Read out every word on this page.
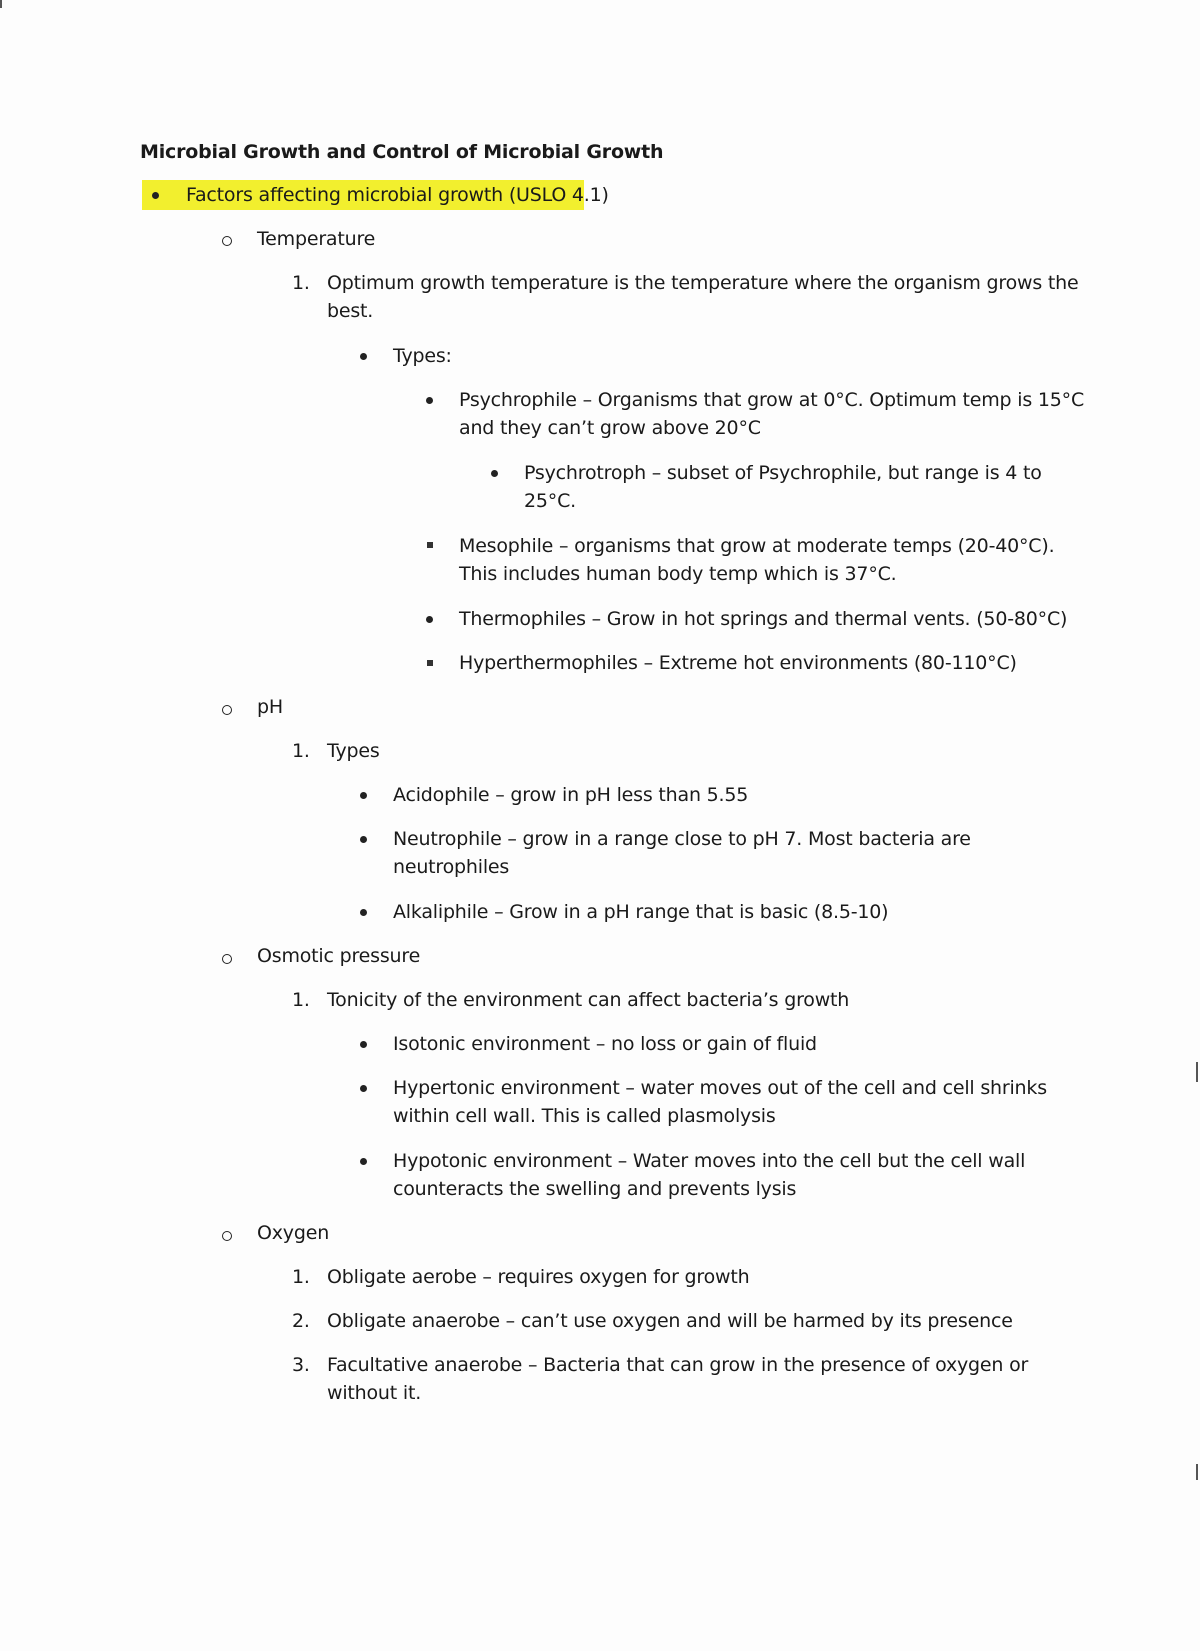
Microbial Growth and Control of Microbial Growth
Factors affecting microbial growth (USLO 4.1)
Temperature
1. Optimum growth temperature is the temperature where the organism grows the
best.
Types:
Psychrophile – Organisms that grow at 0°C. Optimum temp is 15°C
and they can’t grow above 20°C
Psychrotroph – subset of Psychrophile, but range is 4 to
25°C.
Mesophile – organisms that grow at moderate temps (20-40°C).
This includes human body temp which is 37°C.
Thermophiles – Grow in hot springs and thermal vents. (50-80°C)
Hyperthermophiles – Extreme hot environments (80-110°C)
pH
1. Types
Acidophile – grow in pH less than 5.55
Neutrophile – grow in a range close to pH 7. Most bacteria are
neutrophiles
Alkaliphile – Grow in a pH range that is basic (8.5-10)
Osmotic pressure
1. Tonicity of the environment can affect bacteria’s growth
Isotonic environment – no loss or gain of fluid
Hypertonic environment – water moves out of the cell and cell shrinks
within cell wall. This is called plasmolysis
Hypotonic environment – Water moves into the cell but the cell wall
counteracts the swelling and prevents lysis
Oxygen
1. Obligate aerobe – requires oxygen for growth
2. Obligate anaerobe – can’t use oxygen and will be harmed by its presence
3. Facultative anaerobe – Bacteria that can grow in the presence of oxygen or
without it.
